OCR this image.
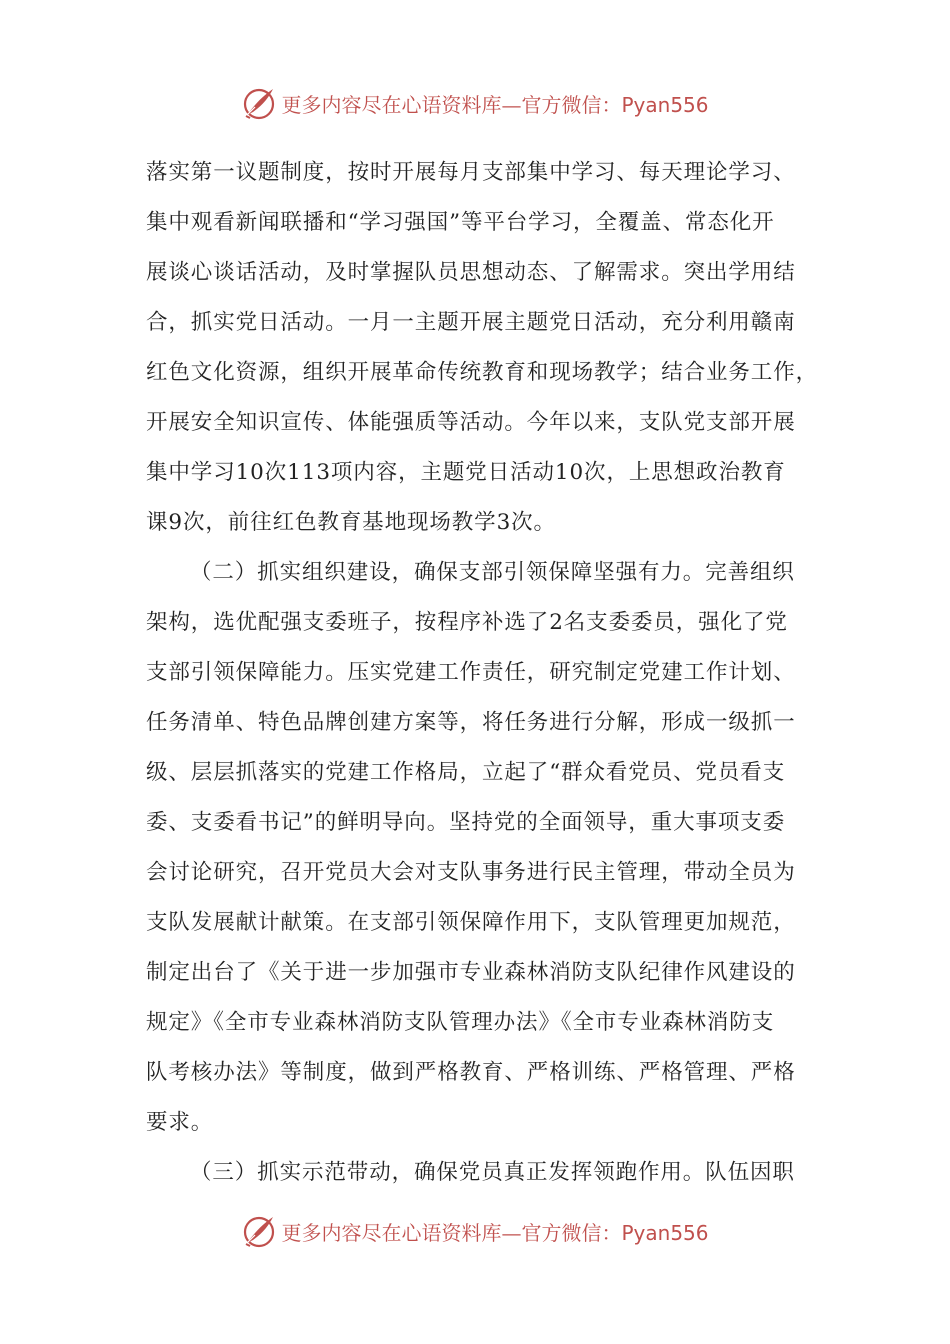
更多内容尽在心语资料库—官方微信：Pyan556
落实第一议题制度，按时开展每月支部集中学习、每天理论学习、
集中观看新闻联播和“学习强国”等平台学习，全覆盖、常态化开
展谈心谈话活动，及时掌握队员思想动态、了解需求。突出学用结
合，抓实党日活动。一月一主题开展主题党日活动，充分利用赣南
红色文化资源，组织开展革命传统教育和现场教学；结合业务工作，
开展安全知识宣传、体能强质等活动。今年以来，支队党支部开展
集中学习10次113项内容，主题党日活动10次，上思想政治教育
课9次，前往红色教育基地现场教学3次。
（二）抓实组织建设，确保支部引领保障坚强有力。完善组织
架构，选优配强支委班子，按程序补选了2名支委委员，强化了党
支部引领保障能力。压实党建工作责任，研究制定党建工作计划、
任务清单、特色品牌创建方案等，将任务进行分解，形成一级抓一
级、层层抓落实的党建工作格局，立起了“群众看党员、党员看支
委、支委看书记”的鲜明导向。坚持党的全面领导，重大事项支委
会讨论研究，召开党员大会对支队事务进行民主管理，带动全员为
支队发展献计献策。在支部引领保障作用下，支队管理更加规范，
制定出台了《关于进一步加强市专业森林消防支队纪律作风建设的
规定》《全市专业森林消防支队管理办法》《全市专业森林消防支
队考核办法》等制度，做到严格教育、严格训练、严格管理、严格
要求。
（三）抓实示范带动，确保党员真正发挥领跑作用。队伍因职
更多内容尽在心语资料库—官方微信：Pyan556
